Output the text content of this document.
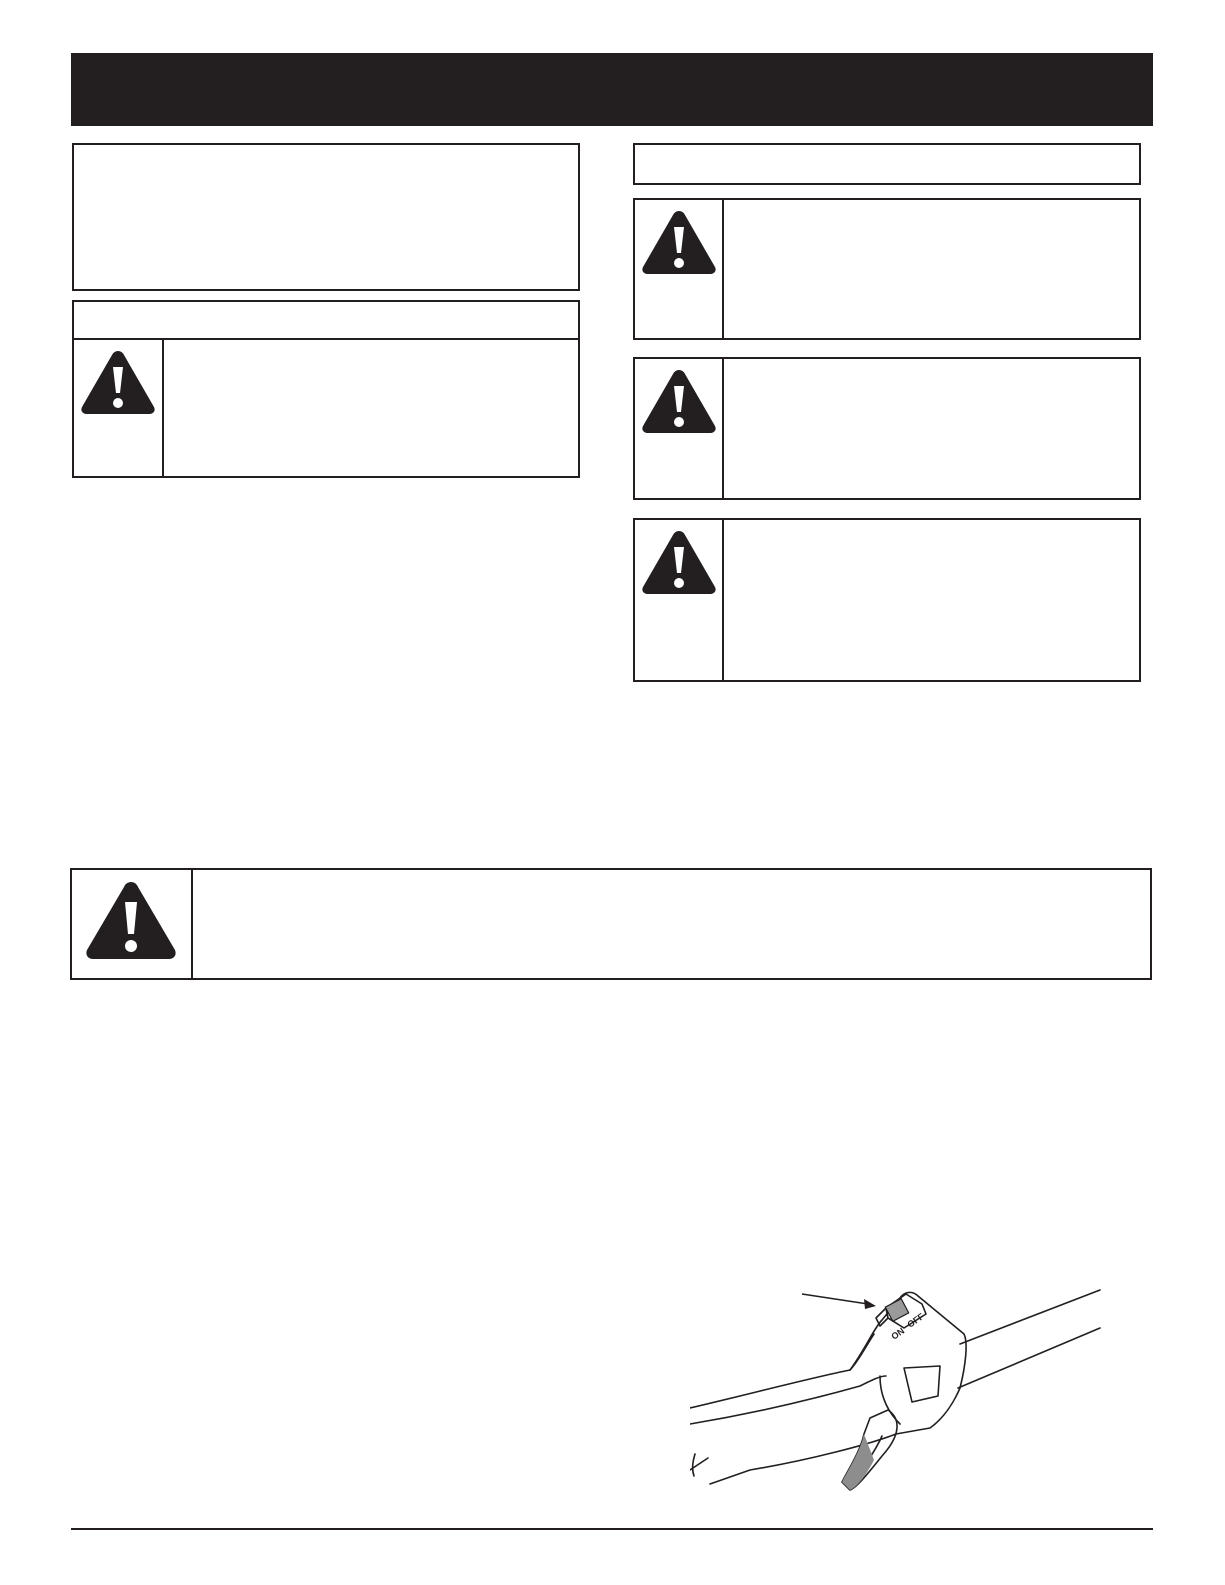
ON
OFF
